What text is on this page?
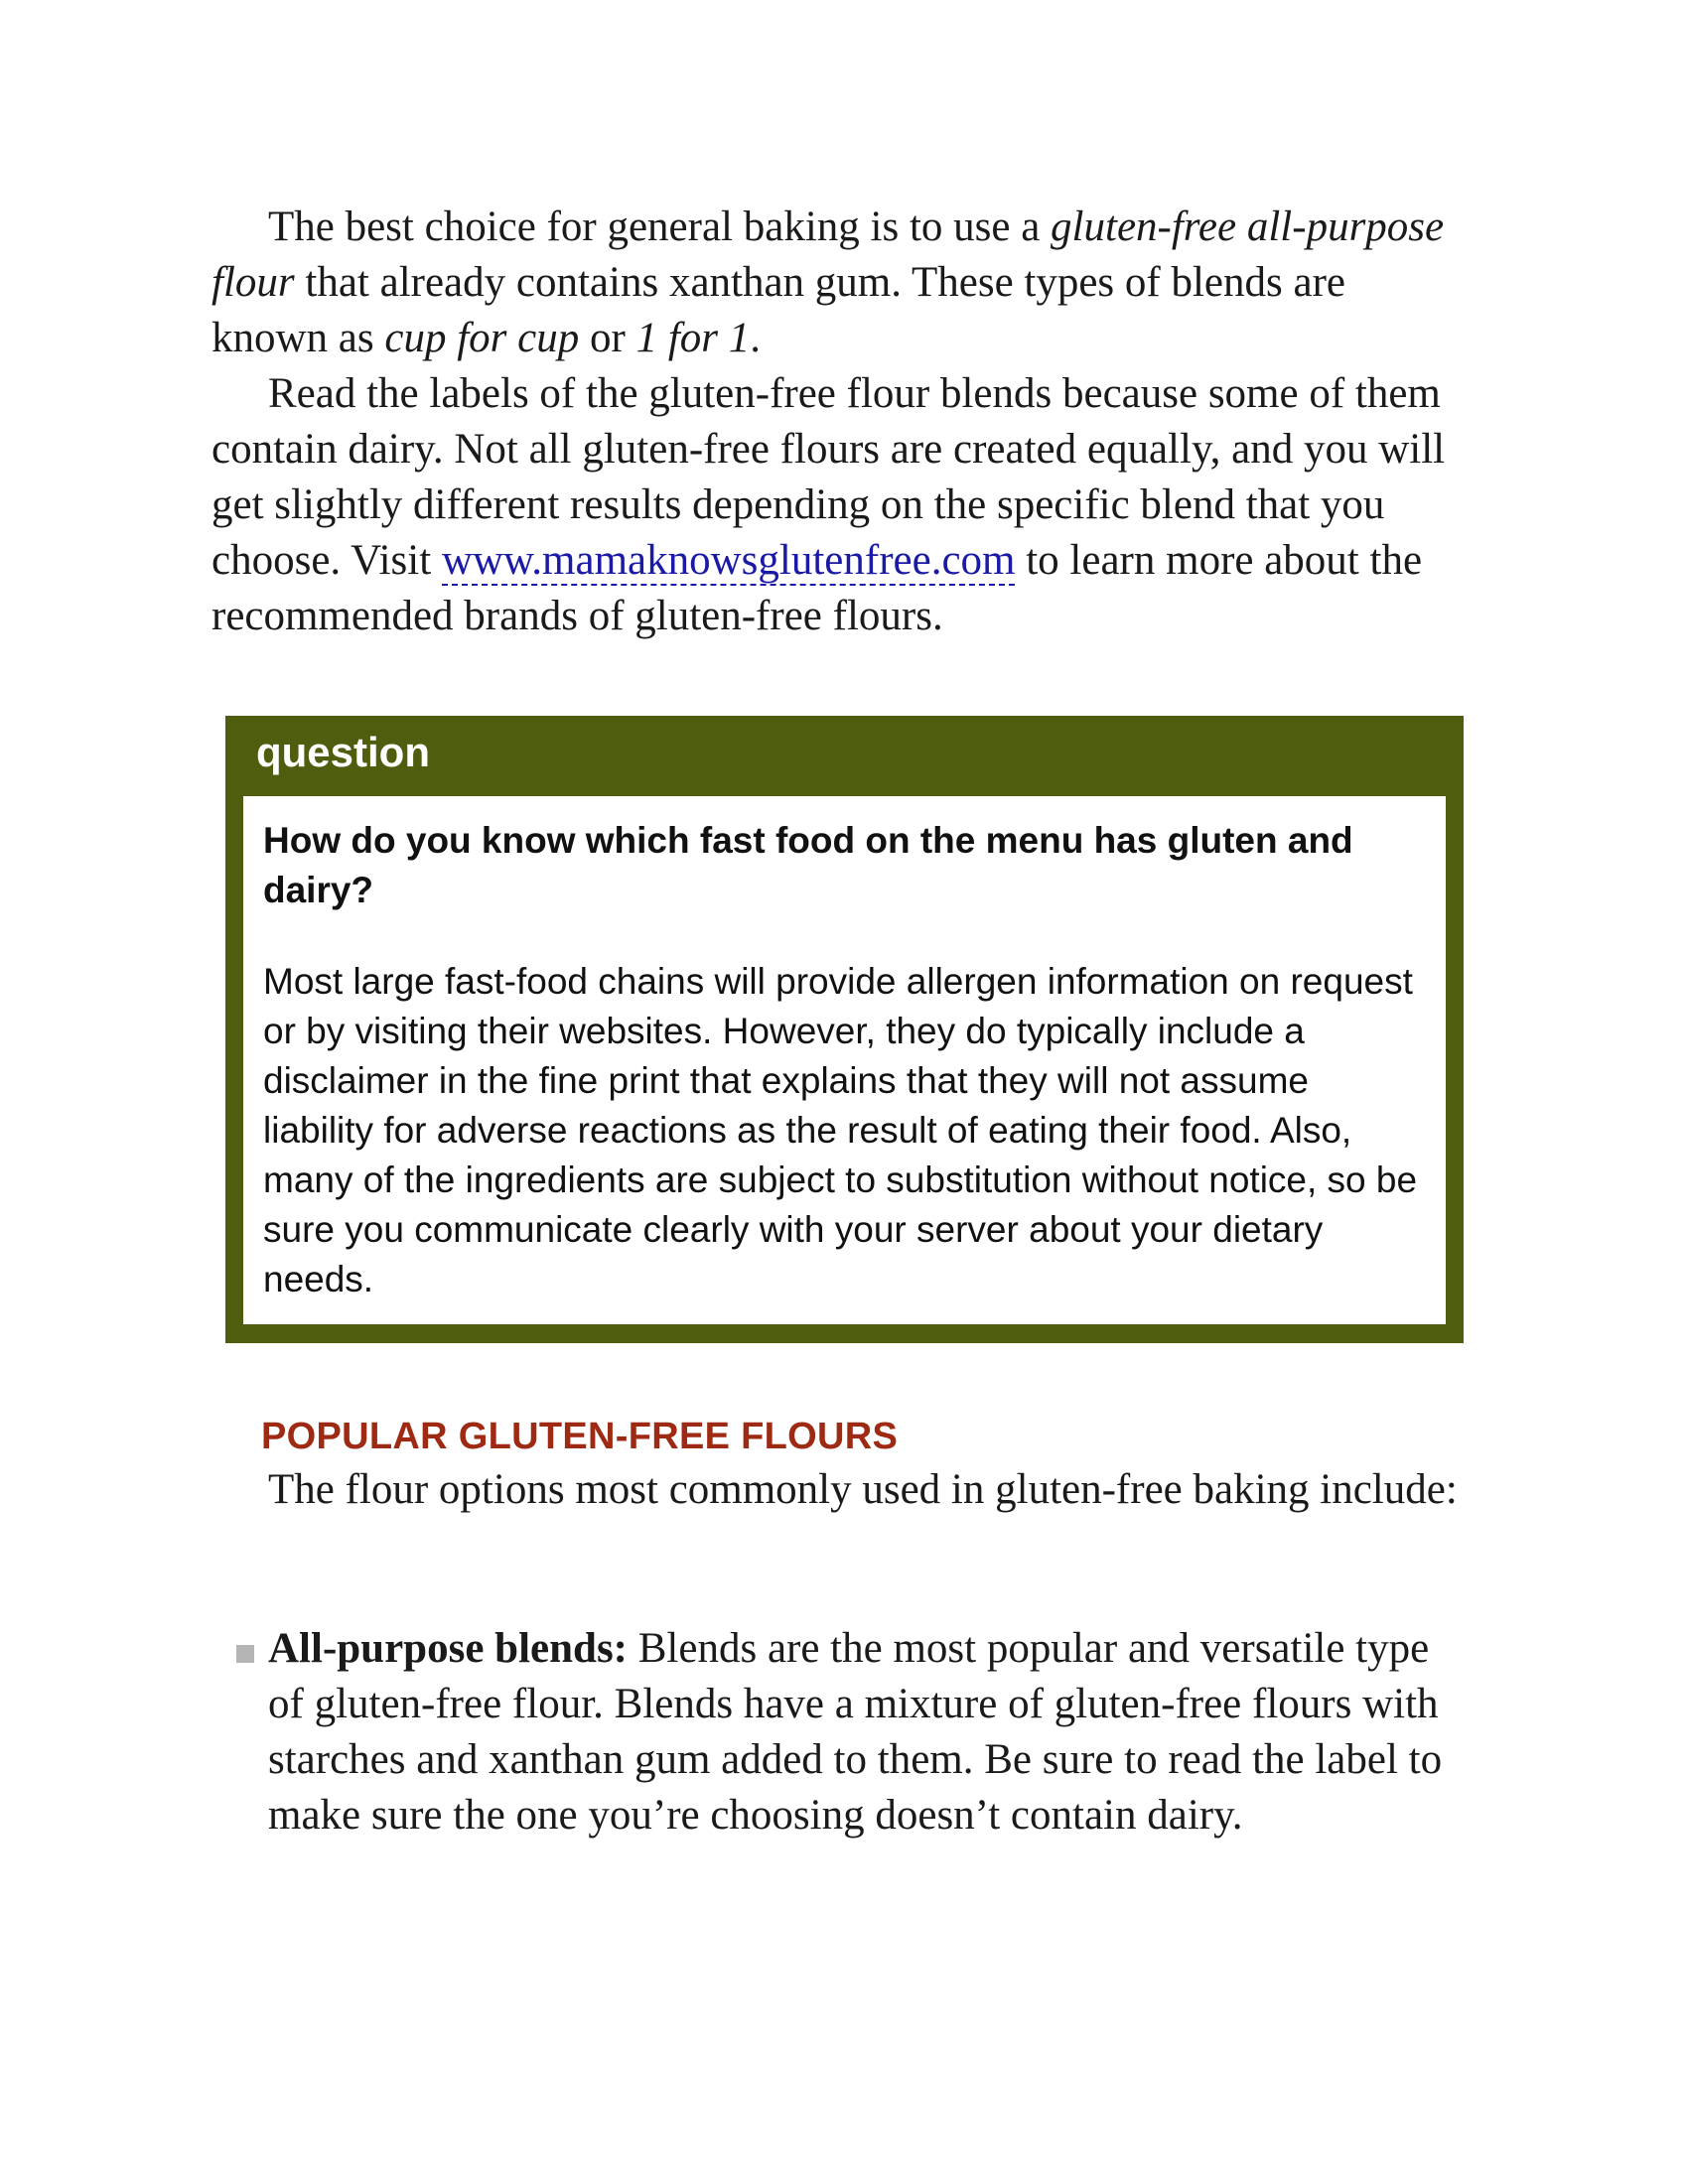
The best choice for general baking is to use a gluten-free all-purpose flour that already contains xanthan gum. These types of blends are known as cup for cup or 1 for 1.

Read the labels of the gluten-free flour blends because some of them contain dairy. Not all gluten-free flours are created equally, and you will get slightly different results depending on the specific blend that you choose. Visit www.mamaknowsglutenfree.com to learn more about the recommended brands of gluten-free flours.

question

How do you know which fast food on the menu has gluten and dairy?

Most large fast-food chains will provide allergen information on request or by visiting their websites. However, they do typically include a disclaimer in the fine print that explains that they will not assume liability for adverse reactions as the result of eating their food. Also, many of the ingredients are subject to substitution without notice, so be sure you communicate clearly with your server about your dietary needs.

POPULAR GLUTEN-FREE FLOURS

The flour options most commonly used in gluten-free baking include:

All-purpose blends: Blends are the most popular and versatile type of gluten-free flour. Blends have a mixture of gluten-free flours with starches and xanthan gum added to them. Be sure to read the label to make sure the one you’re choosing doesn’t contain dairy.
